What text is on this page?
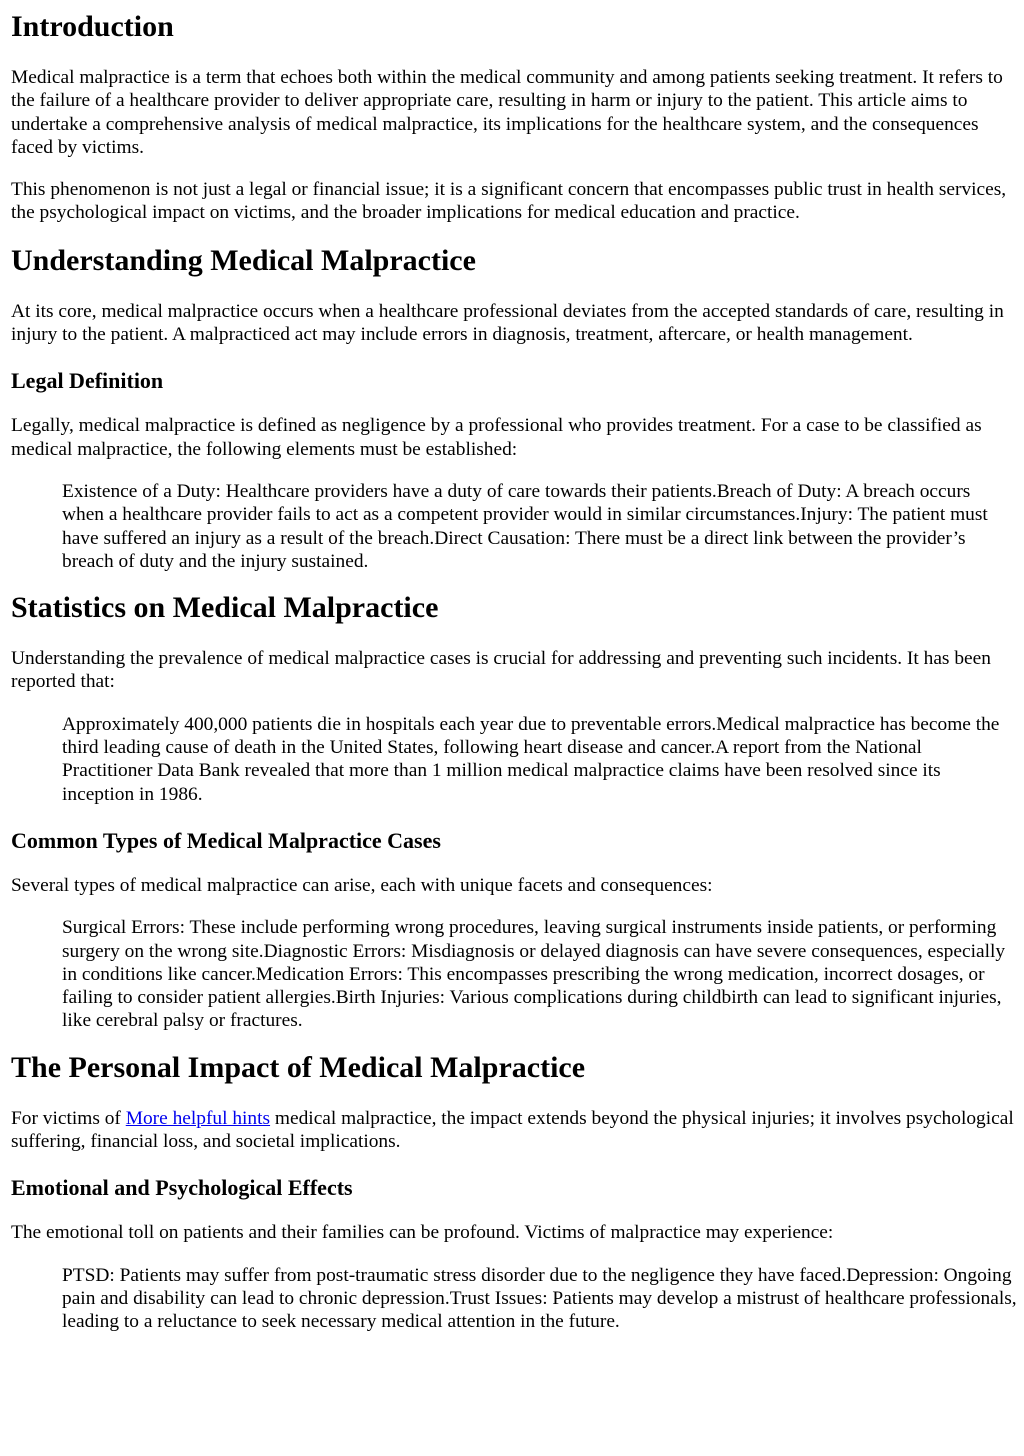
Introduction

Medical malpractice is a term that echoes both within the medical community and among patients seeking treatment. It refers to the failure of a healthcare provider to deliver appropriate care, resulting in harm or injury to the patient. This article aims to undertake a comprehensive analysis of medical malpractice, its implications for the healthcare system, and the consequences faced by victims.

This phenomenon is not just a legal or financial issue; it is a significant concern that encompasses public trust in health services, the psychological impact on victims, and the broader implications for medical education and practice.

Understanding Medical Malpractice

At its core, medical malpractice occurs when a healthcare professional deviates from the accepted standards of care, resulting in injury to the patient. A malpracticed act may include errors in diagnosis, treatment, aftercare, or health management.

Legal Definition

Legally, medical malpractice is defined as negligence by a professional who provides treatment. For a case to be classified as medical malpractice, the following elements must be established:

Existence of a Duty: Healthcare providers have a duty of care towards their patients.Breach of Duty: A breach occurs when a healthcare provider fails to act as a competent provider would in similar circumstances.Injury: The patient must have suffered an injury as a result of the breach.Direct Causation: There must be a direct link between the provider’s breach of duty and the injury sustained.
Statistics on Medical Malpractice

Understanding the prevalence of medical malpractice cases is crucial for addressing and preventing such incidents. It has been reported that:

Approximately 400,000 patients die in hospitals each year due to preventable errors.Medical malpractice has become the third leading cause of death in the United States, following heart disease and cancer.A report from the National Practitioner Data Bank revealed that more than 1 million medical malpractice claims have been resolved since its inception in 1986.
Common Types of Medical Malpractice Cases

Several types of medical malpractice can arise, each with unique facets and consequences:

Surgical Errors: These include performing wrong procedures, leaving surgical instruments inside patients, or performing surgery on the wrong site.Diagnostic Errors: Misdiagnosis or delayed diagnosis can have severe consequences, especially in conditions like cancer.Medication Errors: This encompasses prescribing the wrong medication, incorrect dosages, or failing to consider patient allergies.Birth Injuries: Various complications during childbirth can lead to significant injuries, like cerebral palsy or fractures.
The Personal Impact of Medical Malpractice

For victims of More helpful hints medical malpractice, the impact extends beyond the physical injuries; it involves psychological suffering, financial loss, and societal implications.

Emotional and Psychological Effects

The emotional toll on patients and their families can be profound. Victims of malpractice may experience:

PTSD: Patients may suffer from post-traumatic stress disorder due to the negligence they have faced.Depression: Ongoing pain and disability can lead to chronic depression.Trust Issues: Patients may develop a mistrust of healthcare professionals, leading to a reluctance to seek necessary medical attention in the future.
